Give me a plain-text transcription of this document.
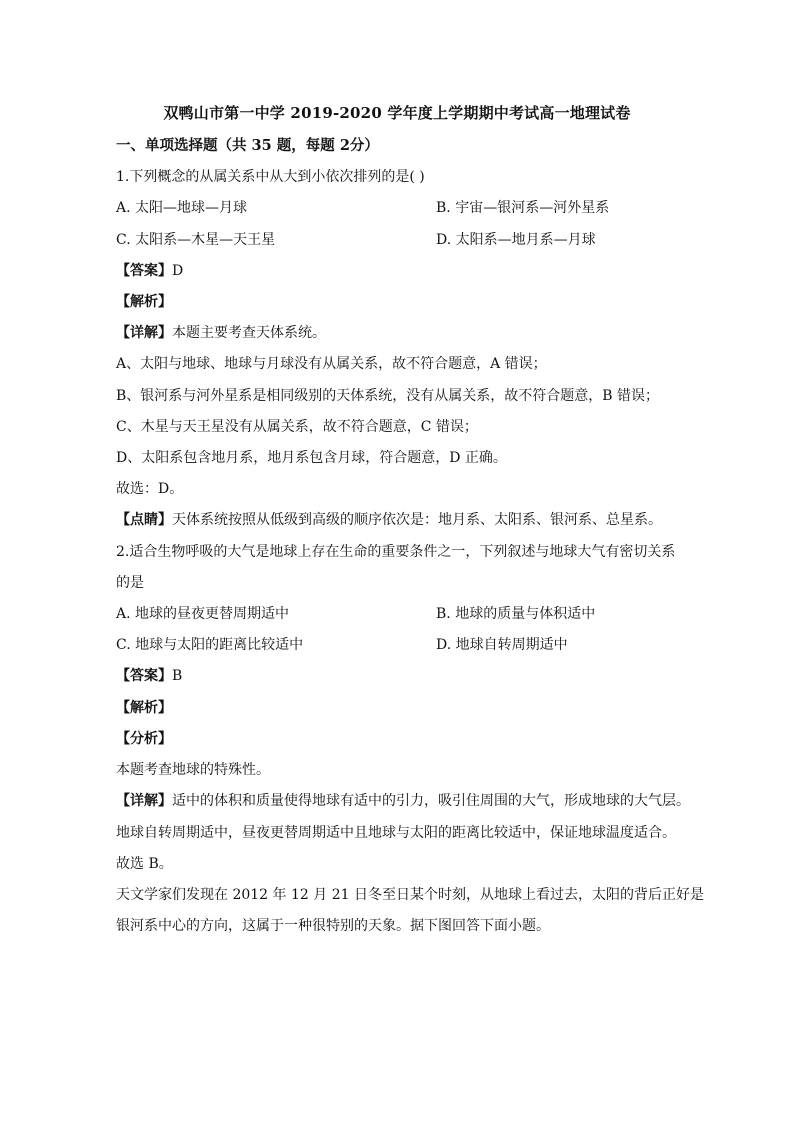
双鸭山市第一中学 2019-2020 学年度上学期期中考试高一地理试卷
一、单项选择题（共 35 题，每题 2分）
1.下列概念的从属关系中从大到小依次排列的是( )
A. 太阳—地球—月球	B. 宇宙—银河系—河外星系
C. 太阳系—木星—天王星	D. 太阳系—地月系—月球
【答案】D
【解析】
【详解】本题主要考查天体系统。
A、太阳与地球、地球与月球没有从属关系，故不符合题意，A 错误；
B、银河系与河外星系是相同级别的天体系统，没有从属关系，故不符合题意，B 错误；
C、木星与天王星没有从属关系，故不符合题意，C 错误；
D、太阳系包含地月系，地月系包含月球，符合题意，D 正确。
故选：D。
【点睛】天体系统按照从低级到高级的顺序依次是：地月系、太阳系、银河系、总星系。
2.适合生物呼吸的大气是地球上存在生命的重要条件之一，下列叙述与地球大气有密切关系
的是
A. 地球的昼夜更替周期适中	B. 地球的质量与体积适中
C. 地球与太阳的距离比较适中	D. 地球自转周期适中
【答案】B
【解析】
【分析】
本题考查地球的特殊性。
【详解】适中的体积和质量使得地球有适中的引力，吸引住周围的大气，形成地球的大气层。
地球自转周期适中，昼夜更替周期适中且地球与太阳的距离比较适中，保证地球温度适合。
故选 B。
天文学家们发现在 2012 年 12 月 21 日冬至日某个时刻，从地球上看过去，太阳的背后正好是
银河系中心的方向，这属于一种很特别的天象。据下图回答下面小题。
